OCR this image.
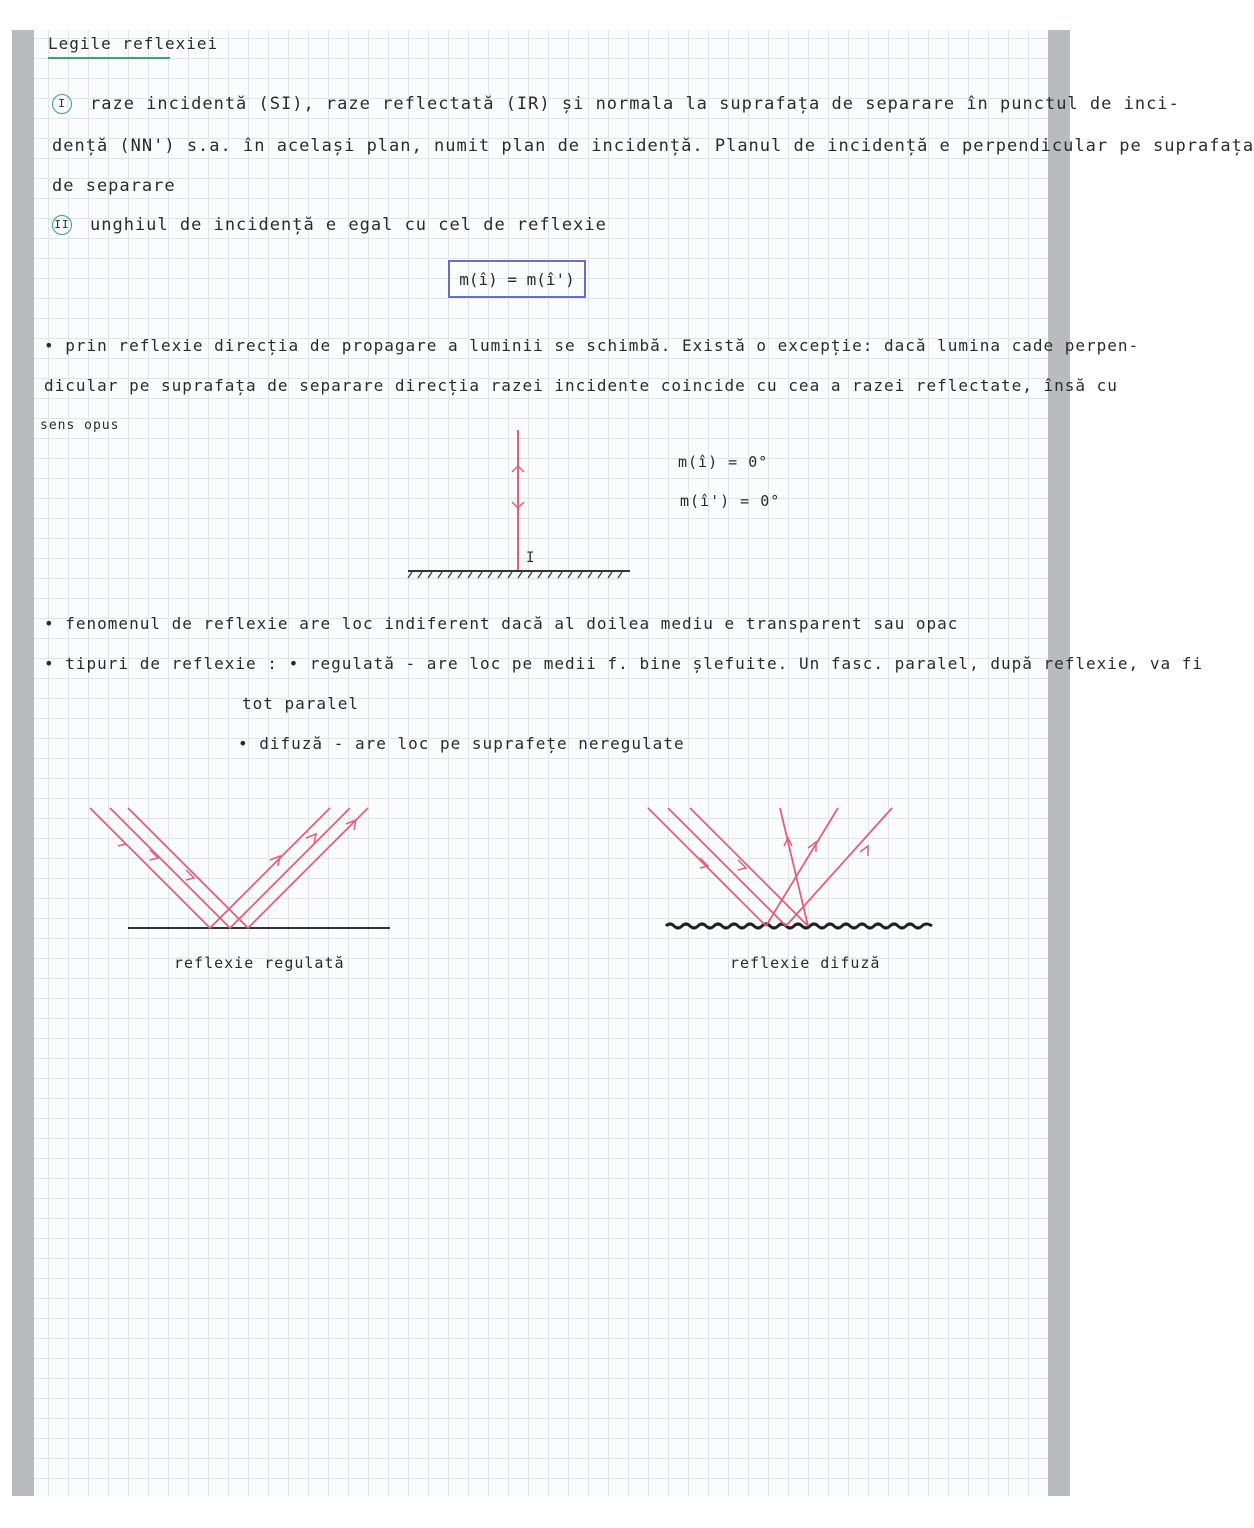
Legile reflexiei
I raze incidentă (SI), raze reflectată (IR) și normala la suprafața de separare în punctul de inci-
dență (NN') s.a. în același plan, numit plan de incidență. Planul de incidență e perpendicular pe suprafața
de separare
II unghiul de incidență e egal cu cel de reflexie
m(î) = m(î')
• prin reflexie direcția de propagare a luminii se schimbă. Există o excepție: dacă lumina cade perpen-
dicular pe suprafața de separare direcția razei incidente coincide cu cea a razei reflectate, însă cu
sens opus
I
m(î) = 0°
m(î') = 0°
• fenomenul de reflexie are loc indiferent dacă al doilea mediu e transparent sau opac
• tipuri de reflexie : • regulată - are loc pe medii f. bine șlefuite. Un fasc. paralel, după reflexie, va fi
tot paralel
• difuză - are loc pe suprafețe neregulate
reflexie regulată	reflexie difuză
